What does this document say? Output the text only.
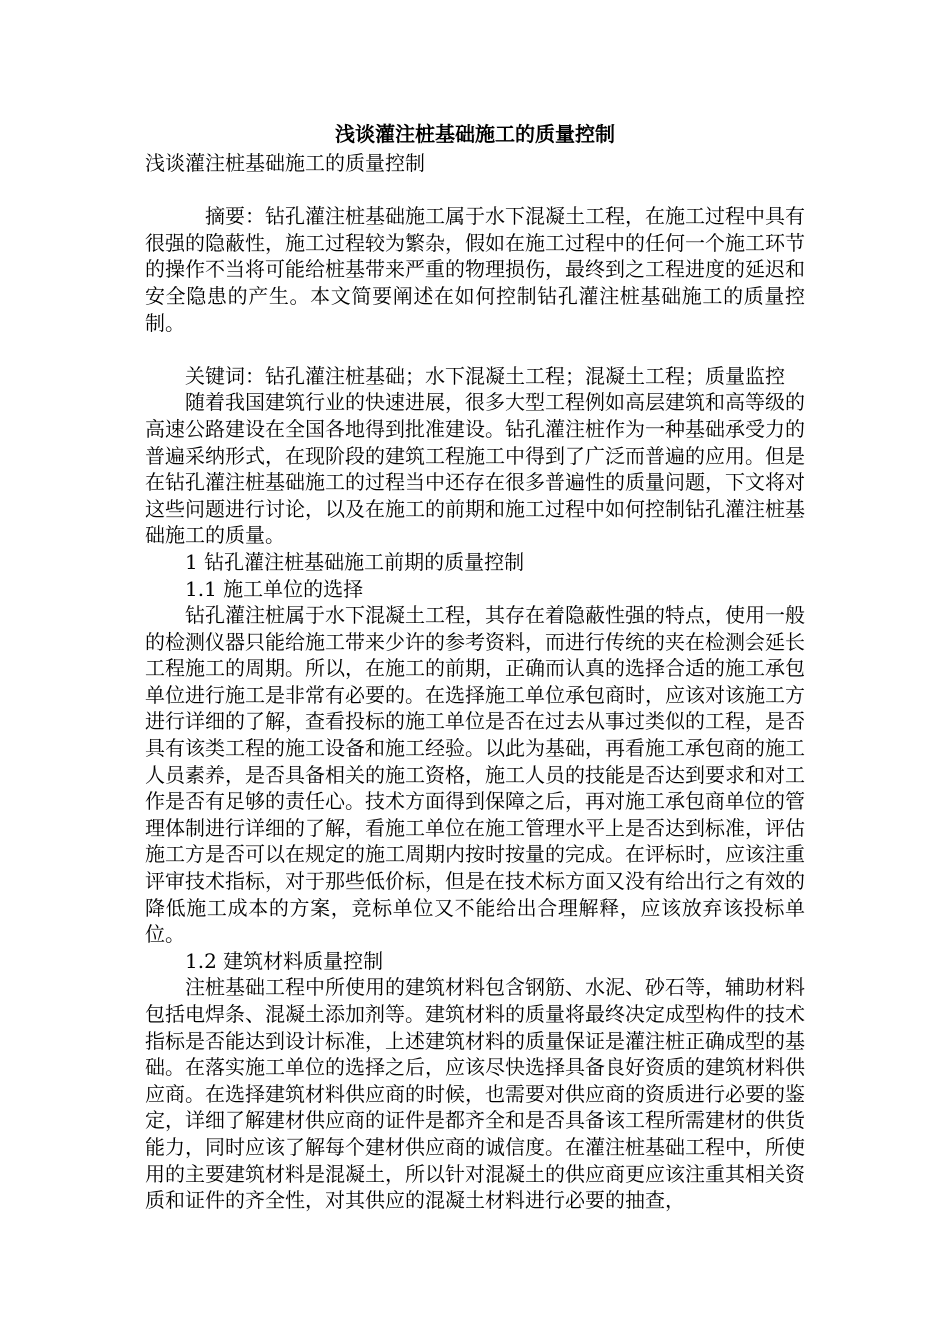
浅谈灌注桩基础施工的质量控制

浅谈灌注桩基础施工的质量控制

摘要：钻孔灌注桩基础施工属于水下混凝土工程，在施工过程中具有很强的隐蔽性，施工过程较为繁杂，假如在施工过程中的任何一个施工环节的操作不当将可能给桩基带来严重的物理损伤，最终到之工程进度的延迟和安全隐患的产生。本文简要阐述在如何控制钻孔灌注桩基础施工的质量控制。

关键词：钻孔灌注桩基础；水下混凝土工程；混凝土工程；质量监控

随着我国建筑行业的快速进展，很多大型工程例如高层建筑和高等级的高速公路建设在全国各地得到批准建设。钻孔灌注桩作为一种基础承受力的普遍采纳形式，在现阶段的建筑工程施工中得到了广泛而普遍的应用。但是在钻孔灌注桩基础施工的过程当中还存在很多普遍性的质量问题，下文将对这些问题进行讨论，以及在施工的前期和施工过程中如何控制钻孔灌注桩基础施工的质量。

1 钻孔灌注桩基础施工前期的质量控制

1.1 施工单位的选择

钻孔灌注桩属于水下混凝土工程，其存在着隐蔽性强的特点，使用一般的检测仪器只能给施工带来少许的参考资料，而进行传统的夹在检测会延长工程施工的周期。所以，在施工的前期，正确而认真的选择合适的施工承包单位进行施工是非常有必要的。在选择施工单位承包商时，应该对该施工方进行详细的了解，查看投标的施工单位是否在过去从事过类似的工程，是否具有该类工程的施工设备和施工经验。以此为基础，再看施工承包商的施工人员素养，是否具备相关的施工资格，施工人员的技能是否达到要求和对工作是否有足够的责任心。技术方面得到保障之后，再对施工承包商单位的管理体制进行详细的了解，看施工单位在施工管理水平上是否达到标准，评估施工方是否可以在规定的施工周期内按时按量的完成。在评标时，应该注重评审技术指标，对于那些低价标，但是在技术标方面又没有给出行之有效的降低施工成本的方案，竞标单位又不能给出合理解释，应该放弃该投标单位。

1.2 建筑材料质量控制

注桩基础工程中所使用的建筑材料包含钢筋、水泥、砂石等，辅助材料包括电焊条、混凝土添加剂等。建筑材料的质量将最终决定成型构件的技术指标是否能达到设计标准，上述建筑材料的质量保证是灌注桩正确成型的基础。在落实施工单位的选择之后，应该尽快选择具备良好资质的建筑材料供应商。在选择建筑材料供应商的时候，也需要对供应商的资质进行必要的鉴定，详细了解建材供应商的证件是都齐全和是否具备该工程所需建材的供货能力，同时应该了解每个建材供应商的诚信度。在灌注桩基础工程中，所使用的主要建筑材料是混凝土，所以针对混凝土的供应商更应该注重其相关资质和证件的齐全性，对其供应的混凝土材料进行必要的抽查，
